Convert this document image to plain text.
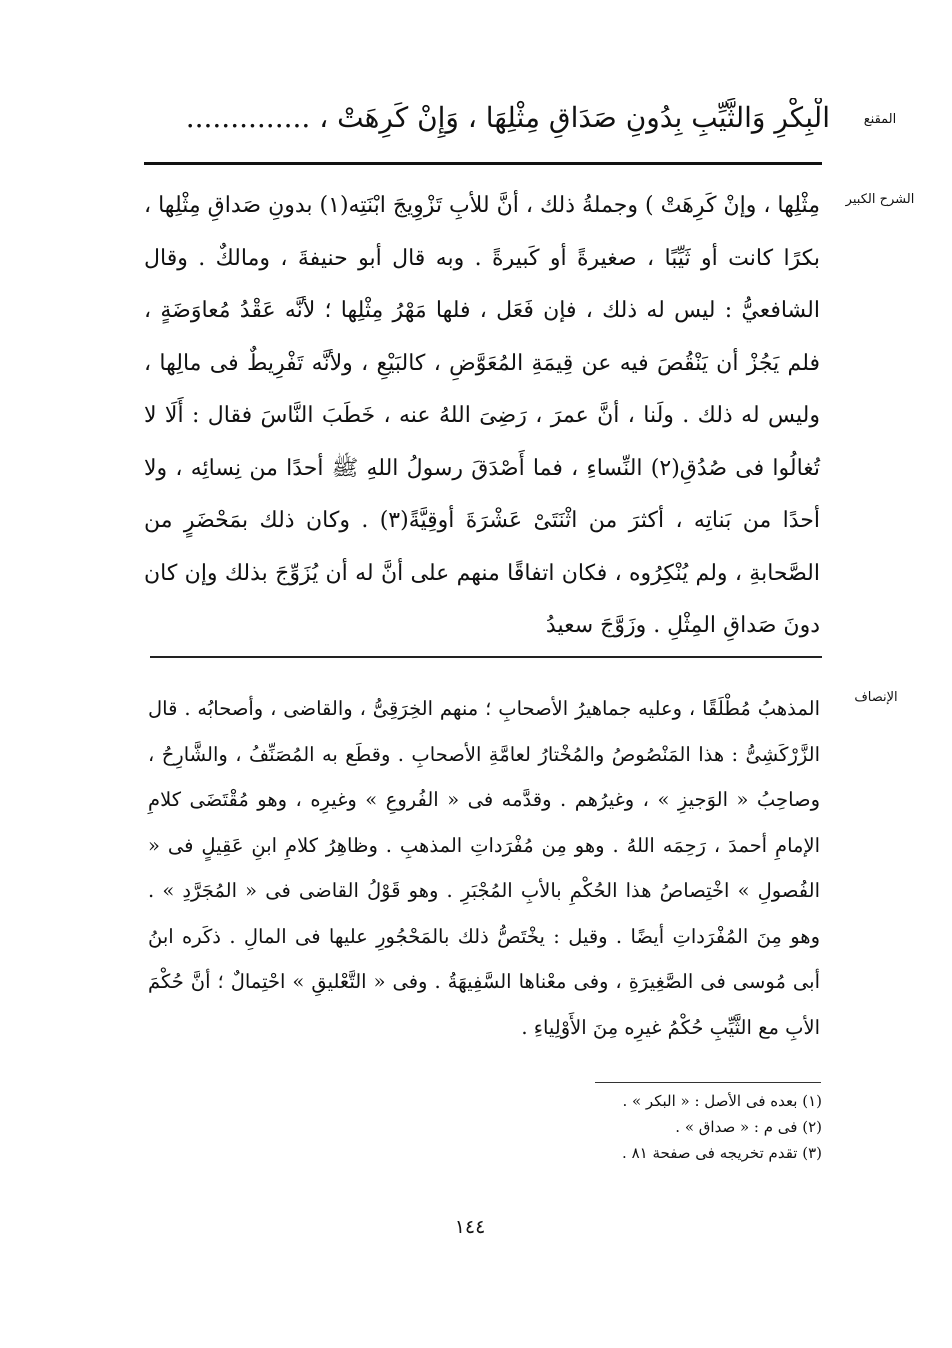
المقنع
الْبِكْرِ وَالثَّيِّبِ بِدُونِ صَدَاقِ مِثْلِهَا ، وَإِنْ كَرِهَتْ ، ..............
الشرح الكبير
مِثْلِها ، وإنْ كَرِهَتْ ) وجملةُ ذلك ، أنَّ للأبِ تَزْوِيجَ ابْنَتِه(١) بدونِ صَداقِ مِثْلِها ، بكرًا كانت أو ثَيِّبًا ، صغيرةً أو كَبيرةً . وبه قال أبو حنيفةَ ، ومالكٌ . وقال الشافعيُّ : ليس له ذلك ، فإن فَعَل ، فلها مَهْرُ مِثْلِها ؛ لأنَّه عَقْدُ مُعاوَضَةٍ ، فلم يَجُزْ أن يَنْقُصَ فيه عن قِيمَةِ المُعَوَّضِ ، كالبَيْعِ ، ولأنَّه تَفْرِيطٌ فى مالِها ، وليس له ذلك . ولَنا ، أنَّ عمرَ ، رَضِىَ اللهُ عنه ، خَطَبَ النَّاسَ فقال : أَلَا لا تُغالُوا فى صُدُقِ(٢) النِّساءِ ، فما أَصْدَقَ رسولُ اللهِ ﷺ أحدًا من نِسائِه ، ولا أحدًا من بَناتِه ، أكثرَ من اثْنَتَىْ عَشْرَةَ أوقِيَّةً(٣) . وكان ذلك بمَحْضَرٍ من الصَّحابةِ ، ولم يُنْكِرُوه ، فكان اتفاقًا منهم على أنَّ له أن يُزَوِّجَ بذلك وإن كان دونَ صَداقِ المِثْلِ . وزَوَّجَ سعيدُ
الإنصاف
المذهبُ مُطْلَقًا ، وعليه جماهيرُ الأصحابِ ؛ منهم الخِرَقِىُّ ، والقاضى ، وأصحابُه . قال الزَّرْكَشِىُّ : هذا المَنْصُوصُ والمُخْتارُ لعامَّةِ الأصحابِ . وقطَع به المُصَنِّفُ ، والشَّارِحُ ، وصاحِبُ « الوَجيزِ » ، وغيرُهم . وقدَّمه فى « الفُروعِ » وغيرِه ، وهو مُقْتَضَى كلامِ الإمامِ أحمدَ ، رَحِمَه اللهُ . وهو مِن مُفْرَداتِ المذهبِ . وظاهِرُ كلامِ ابنِ عَقِيلٍ فى « الفُصولِ » اخْتِصاصُ هذا الحُكْمِ بالأبِ المُجْبَرِ . وهو قَوْلُ القاضى فى « المُجَرَّدِ » . وهو مِنَ المُفْرَداتِ أيضًا . وقيل : يخْتَصُّ ذلك بالمَحْجُورِ عليها فى المالِ . ذكَره ابنُ أبى مُوسى فى الصَّغِيرَةِ ، وفى معْناها السَّفِيهَةُ . وفى « التَّعْليقِ » احْتِمالٌ ؛ أنَّ حُكْمَ الأبِ مع الثَّيِّبِ حُكْمُ غيرِه مِنَ الأَوْلِياءِ .
(١) بعده فى الأصل : « البكر » .
(٢) فى م : « صداق » .
(٣) تقدم تخريجه فى صفحة ٨١ .
١٤٤
